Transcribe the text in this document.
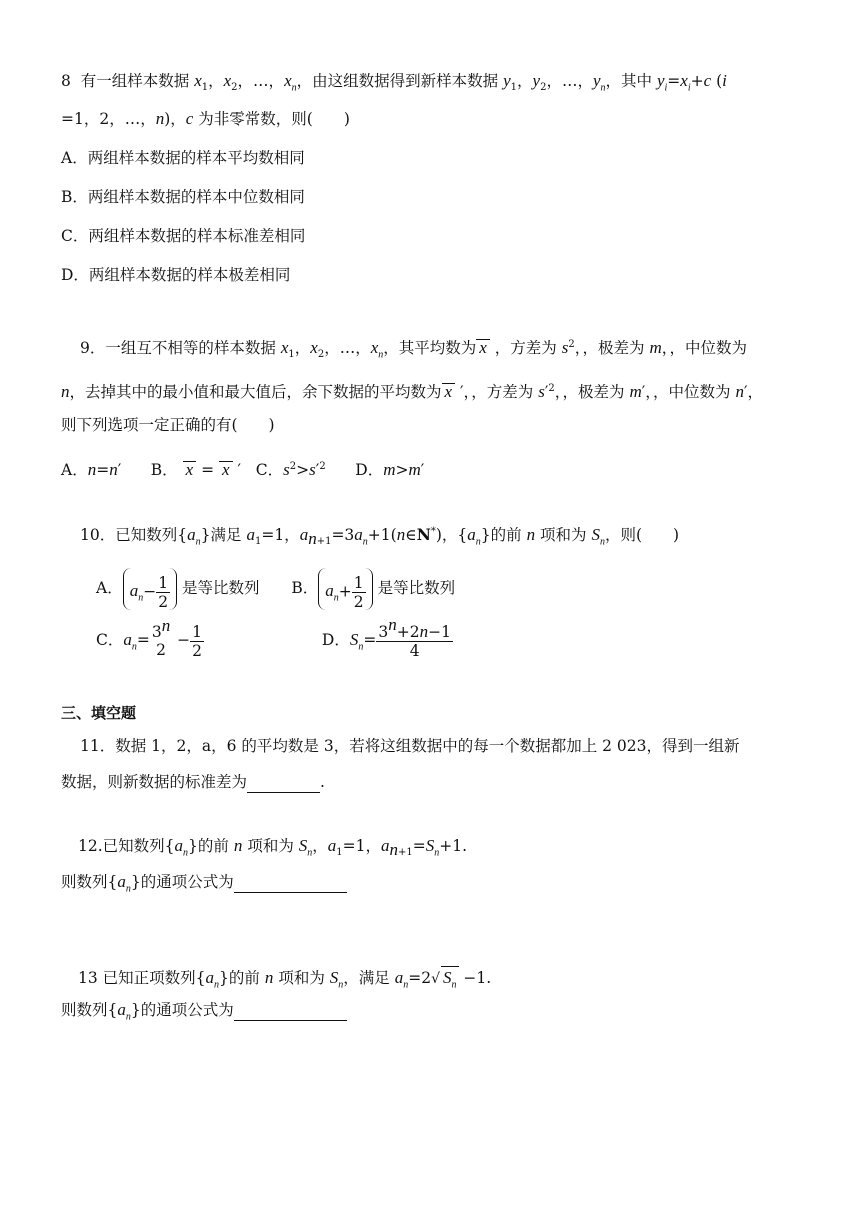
8 有一组样本数据 $x_1$，$x_2$，…，$x_n$，由这组数据得到新样本数据 $y_1$，$y_2$，…，$y_n$，其中 $y_i=x_i+c$ (i
=1，2，…，n)，c 为非零常数，则(　　)
A．两组样本数据的样本平均数相同
B．两组样本数据的样本中位数相同
C．两组样本数据的样本标准差相同
D．两组样本数据的样本极差相同
9．一组互不相等的样本数据 $x_1$，$x_2$，…，$x_n$，其平均数为 x ，方差为 $s^2$，，极差为 m，，中位数为
n，去掉其中的最小值和最大值后，余下数据的平均数为 x ′，，方差为 $s'^2$，，极差为 m′，，中位数为 n′，
则下列选项一定正确的有(　　)
A．n=n′      B． x = x ′   C．$s^2>s'^2$ D．m>m′
10．已知数列$\{a_n\}$满足 $a_1=1$，$a_{n+1}=3a_n+1(n\in N^*)$，$\{a_n\}$的前 n 项和为 $S_n$，则(　　)
A． $a_n- \frac{1}{2}$ 是等比数列 B． $a_n+ \frac{1}{2}$ 是等比数列
C．$a_n= 3^n$
2
− $\frac{1}{2}$	D．$S_n= \frac{3^n+2n-1}{4}$
三、填空题
11．数据 1，2，a，6 的平均数是 3，若将这组数据中的每一个数据都加上 2 023，得到一组新
数据，则新数据的标准差为	.
12.已知数列$\{a_n\}$的前 n 项和为 $S_n$，$a_1=1$，$a_{n+1}=S_n+1$.
则数列$\{a_n\}$的通项公式为
13 已知正项数列$\{a_n\}$的前 n 项和为 $S_n$，满足 $a_n=2√$ $S_n -1$.
则数列$\{a_n\}$的通项公式为
